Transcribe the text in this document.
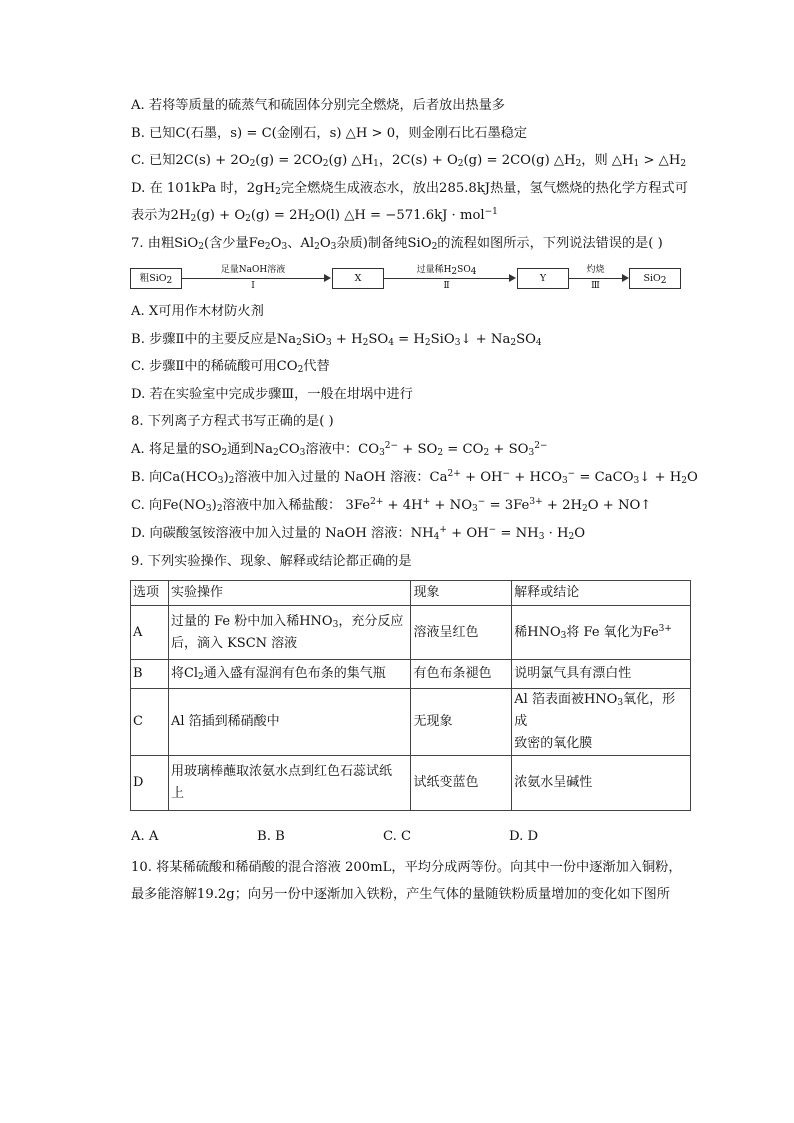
A. 若将等质量的硫蒸气和硫固体分别完全燃烧，后者放出热量多
B. 已知C(石墨，s) = C(金刚石，s) △H > 0，则金刚石比石墨稳定
C. 已知$2C(s) + 2O_2(g) = 2CO_2(g)$ $\triangle H_1$，$2C(s) + O_2(g) = 2CO(g)$ $\triangle H_2$，则 $\triangle H_1$ > $\triangle H_2$
D. 在 101kPa 时，$2gH_2$完全燃烧生成液态水，放出285.8kJ热量，氢气燃烧的热化学方程式可
表示为$2H_2(g) + O_2(g) = 2H_2O(l)$ △H = −571.6kJ · mol$^{-1}$
7. 由粗SiO$_2$(含少量$Fe_2O_3$、$Al_2O_3$杂质)制备纯SiO$_2$的流程如图所示，下列说法错误的是( )
粗SiO$_2$
足量NaOH溶液
Ⅰ
X
过量稀$H_2SO_4$
Ⅱ
Y
灼烧
Ⅲ
SiO$_2$
A. X可用作木材防火剂
B. 步骤Ⅱ中的主要反应是$Na_2SiO_3 + H_2SO_4$ = $H_2SiO_3↓ + Na_2SO_4$
C. 步骤Ⅱ中的稀硫酸可用$CO_2$代替
D. 若在实验室中完成步骤Ⅲ，一般在坩埚中进行
8. 下列离子方程式书写正确的是( )
A. 将足量的$SO_2$通到$Na_2CO_3$溶液中：$CO_3^{2-} + SO_2 = CO_2 + SO_3^{2-}$
B. 向$Ca(HCO_3)_2$溶液中加入过量的 NaOH 溶液：$Ca^{2+} + OH^- + HCO_3^-$ = CaCO$_3$↓ + $H_2O$
C. 向$Fe(NO_3)_2$溶液中加入稀盐酸： $3Fe^{2+} + 4H^+ + NO_3^- = 3Fe^{3+} + 2H_2O$ + NO↑
D. 向碳酸氢铵溶液中加入过量的 NaOH 溶液：$NH_4^+ + OH^- = NH_3 \cdot H_2O$
9. 下列实验操作、现象、解释或结论都正确的是
选项	实验操作	现象	解释或结论
A	过量的 Fe 粉中加入稀$HNO_3$，充分反应
后，滴入 KSCN 溶液	溶液呈红色	稀$HNO_3$将 Fe 氧化为$Fe^{3+}$
B	将$Cl_2$通入盛有湿润有色布条的集气瓶	有色布条褪色	说明氯气具有漂白性
C	Al 箔插到稀硝酸中	无现象	Al 箔表面被$HNO_3$氧化，形成
致密的氧化膜
D	用玻璃棒蘸取浓氨水点到红色石蕊试纸
上	试纸变蓝色	浓氨水呈碱性
A. A	B. B	C. C	D. D
10. 将某稀硫酸和稀硝酸的混合溶液 200mL，平均分成两等份。向其中一份中逐渐加入铜粉，
最多能溶解19.2g；向另一份中逐渐加入铁粉，产生气体的量随铁粉质量增加的变化如下图所
